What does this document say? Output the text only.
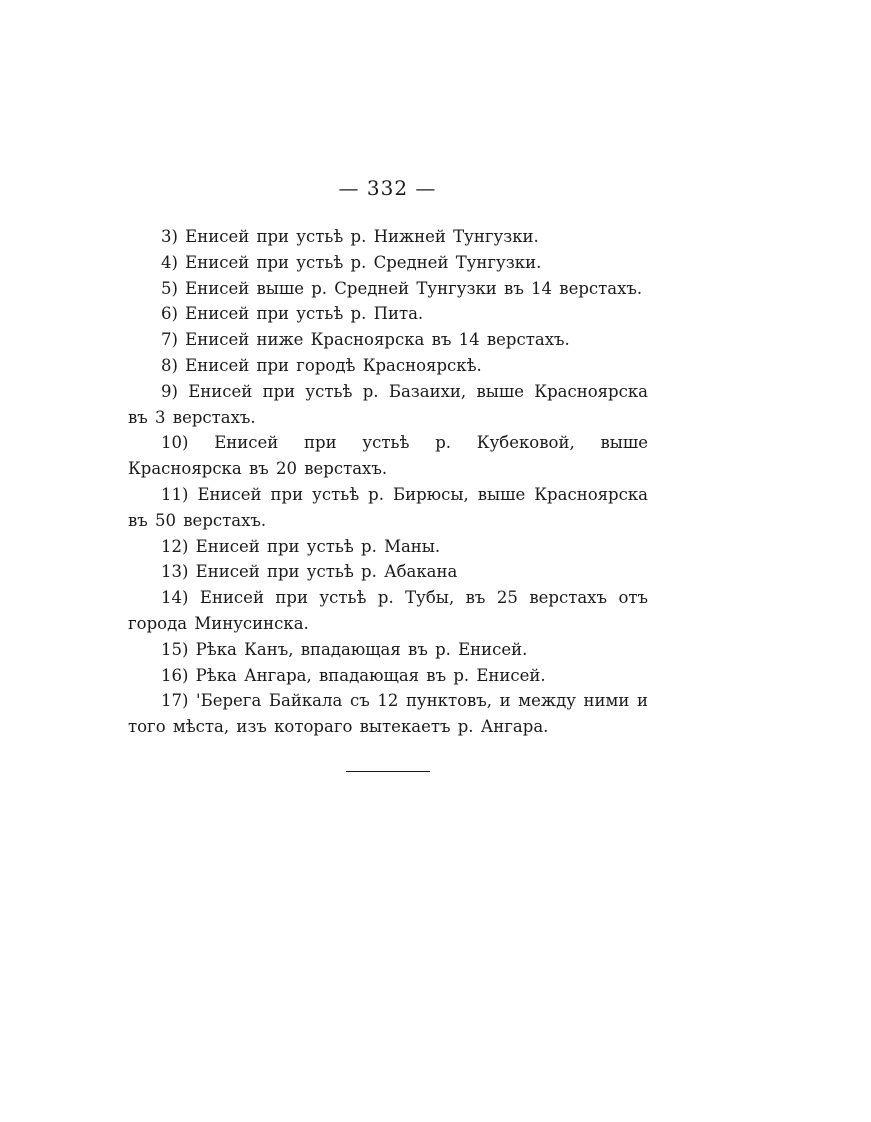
— 332 —

3) Енисей при устьѣ р. Нижней Тунгузки.

4) Енисей при устьѣ р. Средней Тунгузки.

5) Енисей выше р. Средней Тунгузки въ 14 верстахъ.

6) Енисей при устьѣ р. Пита.

7) Енисей ниже Красноярска въ 14 верстахъ.

8) Енисей при городѣ Красноярскѣ.

9) Енисей при устьѣ р. Базаихи, выше Красноярска въ 3 верстахъ.

10) Енисей при устьѣ р. Кубековой, выше Красноярска въ 20 верстахъ.

11) Енисей при устьѣ р. Бирюсы, выше Красноярска въ 50 верстахъ.

12) Енисей при устьѣ р. Маны.

13) Енисей при устьѣ р. Абакана

14) Енисей при устьѣ р. Тубы, въ 25 верстахъ отъ города Минусинска.

15) Рѣка Канъ, впадающая въ р. Енисей.

16) Рѣка Ангара, впадающая въ р. Енисей.

17) 'Берега Байкала съ 12 пунктовъ, и между ними и того мѣста, изъ котораго вытекаетъ р. Ангара.
